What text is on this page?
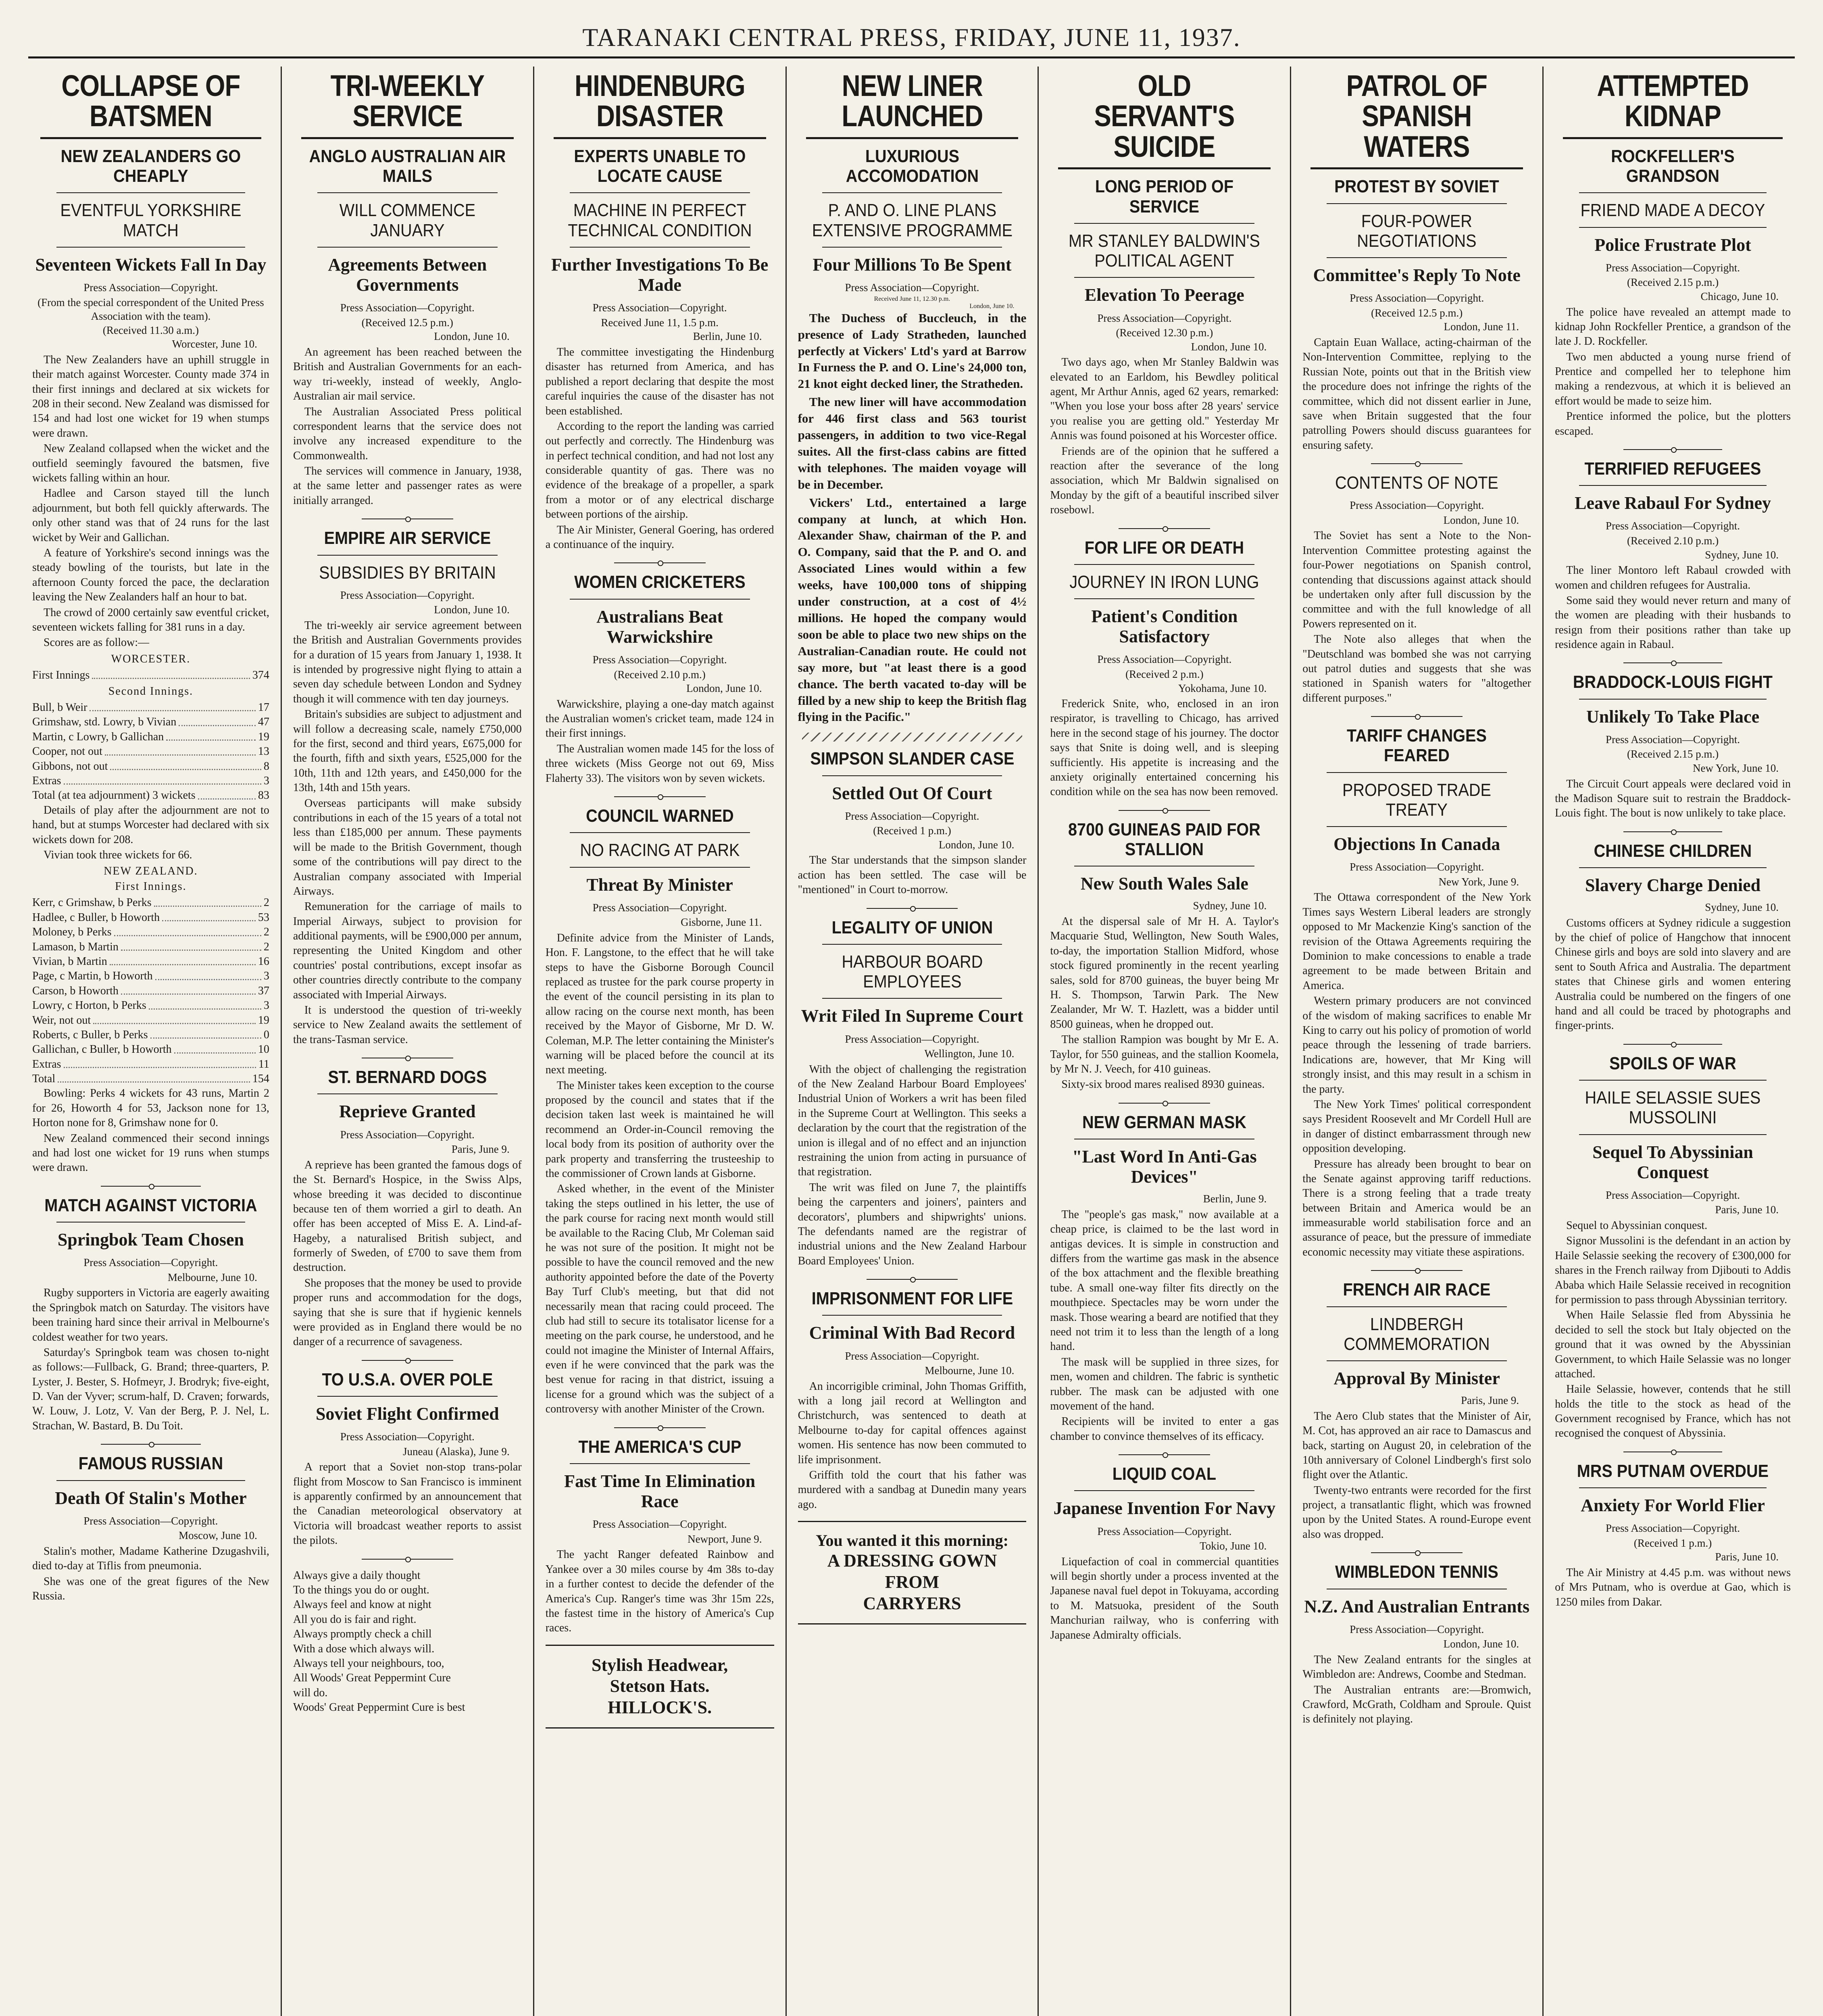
TARANAKI CENTRAL PRESS, FRIDAY, JUNE 11, 1937.
COLLAPSE OF BATSMEN
NEW ZEALANDERS GO CHEAPLY
EVENTFUL YORKSHIRE MATCH
Seventeen Wickets Fall In Day
Press Association—Copyright.
(From the special correspondent of the United Press Association with the team).
(Received 11.30 a.m.)
Worcester, June 10.

The New Zealanders have an uphill struggle in their match against Worcester. County made 374 in their first innings and declared at six wickets for 208 in their second. New Zealand was dismissed for 154 and had lost one wicket for 19 when stumps were drawn.

New Zealand collapsed when the wicket and the outfield seemingly favoured the batsmen, five wickets falling within an hour.

Hadlee and Carson stayed till the lunch adjournment, but both fell quickly afterwards. The only other stand was that of 24 runs for the last wicket by Weir and Gallichan.

A feature of Yorkshire's second innings was the steady bowling of the tourists, but late in the afternoon County forced the pace, the declaration leaving the New Zealanders half an hour to bat.

The crowd of 2000 certainly saw eventful cricket, seventeen wickets falling for 381 runs in a day.

Scores are as follow:—

WORCESTER.
First Innings	374
Second Innings.
Bull, b Weir	17
Grimshaw, std. Lowry, b Vivian	47
Martin, c Lowry, b Gallichan	19
Cooper, not out	13
Gibbons, not out	8
Extras	3
Total (at tea adjournment) 3 wickets	83

Details of play after the adjournment are not to hand, but at stumps Worcester had declared with six wickets down for 208.

Vivian took three wickets for 66.

NEW ZEALAND.
First Innings.
Kerr, c Grimshaw, b Perks	2
Hadlee, c Buller, b Howorth	53
Moloney, b Perks	2
Lamason, b Martin	2
Vivian, b Martin	16
Page, c Martin, b Howorth	3
Carson, b Howorth	37
Lowry, c Horton, b Perks	3
Weir, not out	19
Roberts, c Buller, b Perks	0
Gallichan, c Buller, b Howorth	10
Extras	11
Total	154

Bowling: Perks 4 wickets for 43 runs, Martin 2 for 26, Howorth 4 for 53, Jackson none for 13, Horton none for 8, Grimshaw none for 0.

New Zealand commenced their second innings and had lost one wicket for 19 runs when stumps were drawn.

MATCH AGAINST VICTORIA
Springbok Team Chosen
Press Association—Copyright.
Melbourne, June 10.

Rugby supporters in Victoria are eagerly awaiting the Springbok match on Saturday. The visitors have been training hard since their arrival in Melbourne's coldest weather for two years.

Saturday's Springbok team was chosen to-night as follows:—Fullback, G. Brand; three-quarters, P. Lyster, J. Bester, S. Hofmeyr, J. Brodryk; five-eight, D. Van der Vyver; scrum-half, D. Craven; forwards, W. Louw, J. Lotz, V. Van der Berg, P. J. Nel, L. Strachan, W. Bastard, B. Du Toit.

FAMOUS RUSSIAN
Death Of Stalin's Mother
Press Association—Copyright.
Moscow, June 10.

Stalin's mother, Madame Katherine Dzugashvili, died to-day at Tiflis from pneumonia.

She was one of the great figures of the New Russia.

TRI-WEEKLY SERVICE
ANGLO AUSTRALIAN AIR MAILS
WILL COMMENCE JANUARY
Agreements Between Governments
Press Association—Copyright.
(Received 12.5 p.m.)
London, June 10.

An agreement has been reached between the British and Australian Governments for an each-way tri-weekly, instead of weekly, Anglo-Australian air mail service.

The Australian Associated Press political correspondent learns that the service does not involve any increased expenditure to the Commonwealth.

The services will commence in January, 1938, at the same letter and passenger rates as were initially arranged.

EMPIRE AIR SERVICE
SUBSIDIES BY BRITAIN
Press Association—Copyright.
London, June 10.

The tri-weekly air service agreement between the British and Australian Governments provides for a duration of 15 years from January 1, 1938. It is intended by progressive night flying to attain a seven day schedule between London and Sydney though it will commence with ten day journeys.

Britain's subsidies are subject to adjustment and will follow a decreasing scale, namely £750,000 for the first, second and third years, £675,000 for the fourth, fifth and sixth years, £525,000 for the 10th, 11th and 12th years, and £450,000 for the 13th, 14th and 15th years.

Overseas participants will make subsidy contributions in each of the 15 years of a total not less than £185,000 per annum. These payments will be made to the British Government, though some of the contributions will pay direct to the Australian company associated with Imperial Airways.

Remuneration for the carriage of mails to Imperial Airways, subject to provision for additional payments, will be £900,000 per annum, representing the United Kingdom and other countries' postal contributions, except insofar as other countries directly contribute to the company associated with Imperial Airways.

It is understood the question of tri-weekly service to New Zealand awaits the settlement of the trans-Tasman service.

ST. BERNARD DOGS
Reprieve Granted
Press Association—Copyright.
Paris, June 9.

A reprieve has been granted the famous dogs of the St. Bernard's Hospice, in the Swiss Alps, whose breeding it was decided to discontinue because ten of them worried a girl to death. An offer has been accepted of Miss E. A. Lind-af-Hageby, a naturalised British subject, and formerly of Sweden, of £700 to save them from destruction.

She proposes that the money be used to provide proper runs and accommodation for the dogs, saying that she is sure that if hygienic kennels were provided as in England there would be no danger of a recurrence of savageness.

TO U.S.A. OVER POLE
Soviet Flight Confirmed
Press Association—Copyright.
Juneau (Alaska), June 9.

A report that a Soviet non-stop trans-polar flight from Moscow to San Francisco is imminent is apparently confirmed by an announcement that the Canadian meteorological observatory at Victoria will broadcast weather reports to assist the pilots.

Always give a daily thought
To the things you do or ought.
Always feel and know at night
All you do is fair and right.
Always promptly check a chill
With a dose which always will.
Always tell your neighbours, too,
All Woods' Great Peppermint Cure
will do.
Woods' Great Peppermint Cure is best
HINDENBURG DISASTER
EXPERTS UNABLE TO LOCATE CAUSE
MACHINE IN PERFECT TECHNICAL CONDITION
Further Investigations To Be Made
Press Association—Copyright.
Received June 11, 1.5 p.m.
Berlin, June 10.

The committee investigating the Hindenburg disaster has returned from America, and has published a report declaring that despite the most careful inquiries the cause of the disaster has not been established.

According to the report the landing was carried out perfectly and correctly. The Hindenburg was in perfect technical condition, and had not lost any considerable quantity of gas. There was no evidence of the breakage of a propeller, a spark from a motor or of any electrical discharge between portions of the airship.

The Air Minister, General Goering, has ordered a continuance of the inquiry.

WOMEN CRICKETERS
Australians Beat Warwickshire
Press Association—Copyright.
(Received 2.10 p.m.)
London, June 10.

Warwickshire, playing a one-day match against the Australian women's cricket team, made 124 in their first innings.

The Australian women made 145 for the loss of three wickets (Miss George not out 69, Miss Flaherty 33). The visitors won by seven wickets.

COUNCIL WARNED
NO RACING AT PARK
Threat By Minister
Press Association—Copyright.
Gisborne, June 11.

Definite advice from the Minister of Lands, Hon. F. Langstone, to the effect that he will take steps to have the Gisborne Borough Council replaced as trustee for the park course property in the event of the council persisting in its plan to allow racing on the course next month, has been received by the Mayor of Gisborne, Mr D. W. Coleman, M.P. The letter containing the Minister's warning will be placed before the council at its next meeting.

The Minister takes keen exception to the course proposed by the council and states that if the decision taken last week is maintained he will recommend an Order-in-Council removing the local body from its position of authority over the park property and transferring the trusteeship to the commissioner of Crown lands at Gisborne.

Asked whether, in the event of the Minister taking the steps outlined in his letter, the use of the park course for racing next month would still be available to the Racing Club, Mr Coleman said he was not sure of the position. It might not be possible to have the council removed and the new authority appointed before the date of the Poverty Bay Turf Club's meeting, but that did not necessarily mean that racing could proceed. The club had still to secure its totalisator license for a meeting on the park course, he understood, and he could not imagine the Minister of Internal Affairs, even if he were convinced that the park was the best venue for racing in that district, issuing a license for a ground which was the subject of a controversy with another Minister of the Crown.

THE AMERICA'S CUP
Fast Time In Elimination Race
Press Association—Copyright.
Newport, June 9.

The yacht Ranger defeated Rainbow and Yankee over a 30 miles course by 4m 38s to-day in a further contest to decide the defender of the America's Cup. Ranger's time was 3hr 15m 22s, the fastest time in the history of America's Cup races.

Stylish Headwear,
Stetson Hats.
HILLOCK'S.
NEW LINER LAUNCHED
LUXURIOUS ACCOMODATION
P. AND O. LINE PLANS EXTENSIVE PROGRAMME
Four Millions To Be Spent
Press Association—Copyright.
Received June 11, 12.30 p.m.
London, June 10.

The Duchess of Buccleuch, in the presence of Lady Stratheden, launched perfectly at Vickers' Ltd's yard at Barrow In Furness the P. and O. Line's 24,000 ton, 21 knot eight decked liner, the Stratheden.

The new liner will have accommodation for 446 first class and 563 tourist passengers, in addition to two vice-Regal suites. All the first-class cabins are fitted with telephones. The maiden voyage will be in December.

Vickers' Ltd., entertained a large company at lunch, at which Hon. Alexander Shaw, chairman of the P. and O. Company, said that the P. and O. and Associated Lines would within a few weeks, have 100,000 tons of shipping under construction, at a cost of 4½ millions. He hoped the company would soon be able to place two new ships on the Australian-Canadian route. He could not say more, but "at least there is a good chance. The berth vacated to-day will be filled by a new ship to keep the British flag flying in the Pacific."

SIMPSON SLANDER CASE
Settled Out Of Court
Press Association—Copyright.
(Received 1 p.m.)
London, June 10.

The Star understands that the simpson slander action has been settled. The case will be "mentioned" in Court to-morrow.

LEGALITY OF UNION
HARBOUR BOARD EMPLOYEES
Writ Filed In Supreme Court
Press Association—Copyright.
Wellington, June 10.

With the object of challenging the registration of the New Zealand Harbour Board Employees' Industrial Union of Workers a writ has been filed in the Supreme Court at Wellington. This seeks a declaration by the court that the registration of the union is illegal and of no effect and an injunction restraining the union from acting in pursuance of that registration.

The writ was filed on June 7, the plaintiffs being the carpenters and joiners', painters and decorators', plumbers and shipwrights' unions. The defendants named are the registrar of industrial unions and the New Zealand Harbour Board Employees' Union.

IMPRISONMENT FOR LIFE
Criminal With Bad Record
Press Association—Copyright.
Melbourne, June 10.

An incorrigible criminal, John Thomas Griffith, with a long jail record at Wellington and Christchurch, was sentenced to death at Melbourne to-day for capital offences against women. His sentence has now been commuted to life imprisonment.

Griffith told the court that his father was murdered with a sandbag at Dunedin many years ago.

You wanted it this morning:
A DRESSING GOWN
FROM
CARRYERS
OLD SERVANT'S SUICIDE
LONG PERIOD OF SERVICE
MR STANLEY BALDWIN'S POLITICAL AGENT
Elevation To Peerage
Press Association—Copyright.
(Received 12.30 p.m.)
London, June 10.

Two days ago, when Mr Stanley Baldwin was elevated to an Earldom, his Bewdley political agent, Mr Arthur Annis, aged 62 years, remarked: "When you lose your boss after 28 years' service you realise you are getting old." Yesterday Mr Annis was found poisoned at his Worcester office.

Friends are of the opinion that he suffered a reaction after the severance of the long association, which Mr Baldwin signalised on Monday by the gift of a beautiful inscribed silver rosebowl.

FOR LIFE OR DEATH
JOURNEY IN IRON LUNG
Patient's Condition Satisfactory
Press Association—Copyright.
(Received 2 p.m.)
Yokohama, June 10.

Frederick Snite, who, enclosed in an iron respirator, is travelling to Chicago, has arrived here in the second stage of his journey. The doctor says that Snite is doing well, and is sleeping sufficiently. His appetite is increasing and the anxiety originally entertained concerning his condition while on the sea has now been removed.

8700 GUINEAS PAID FOR STALLION
New South Wales Sale
Sydney, June 10.

At the dispersal sale of Mr H. A. Taylor's Macquarie Stud, Wellington, New South Wales, to-day, the importation Stallion Midford, whose stock figured prominently in the recent yearling sales, sold for 8700 guineas, the buyer being Mr H. S. Thompson, Tarwin Park. The New Zealander, Mr W. T. Hazlett, was a bidder until 8500 guineas, when he dropped out.

The stallion Rampion was bought by Mr E. A. Taylor, for 550 guineas, and the stallion Koomela, by Mr N. J. Veech, for 410 guineas.

Sixty-six brood mares realised 8930 guineas.

NEW GERMAN MASK
"Last Word In Anti-Gas Devices"
Berlin, June 9.

The "people's gas mask," now available at a cheap price, is claimed to be the last word in antigas devices. It is simple in construction and differs from the wartime gas mask in the absence of the box attachment and the flexible breathing tube. A small one-way filter fits directly on the mouthpiece. Spectacles may be worn under the mask. Those wearing a beard are notified that they need not trim it to less than the length of a long hand.

The mask will be supplied in three sizes, for men, women and children. The fabric is synthetic rubber. The mask can be adjusted with one movement of the hand.

Recipients will be invited to enter a gas chamber to convince themselves of its efficacy.

LIQUID COAL
Japanese Invention For Navy
Press Association—Copyright.
Tokio, June 10.

Liquefaction of coal in commercial quantities will begin shortly under a process invented at the Japanese naval fuel depot in Tokuyama, according to M. Matsuoka, president of the South Manchurian railway, who is conferring with Japanese Admiralty officials.

PATROL OF SPANISH WATERS
PROTEST BY SOVIET
FOUR-POWER NEGOTIATIONS
Committee's Reply To Note
Press Association—Copyright.
(Received 12.5 p.m.)
London, June 11.

Captain Euan Wallace, acting-chairman of the Non-Intervention Committee, replying to the Russian Note, points out that in the British view the procedure does not infringe the rights of the committee, which did not dissent earlier in June, save when Britain suggested that the four patrolling Powers should discuss guarantees for ensuring safety.

CONTENTS OF NOTE
Press Association—Copyright.
London, June 10.

The Soviet has sent a Note to the Non-Intervention Committee protesting against the four-Power negotiations on Spanish control, contending that discussions against attack should be undertaken only after full discussion by the committee and with the full knowledge of all Powers represented on it.

The Note also alleges that when the "Deutschland was bombed she was not carrying out patrol duties and suggests that she was stationed in Spanish waters for "altogether different purposes."

TARIFF CHANGES FEARED
PROPOSED TRADE TREATY
Objections In Canada
Press Association—Copyright.
New York, June 9.

The Ottawa correspondent of the New York Times says Western Liberal leaders are strongly opposed to Mr Mackenzie King's sanction of the revision of the Ottawa Agreements requiring the Dominion to make concessions to enable a trade agreement to be made between Britain and America.

Western primary producers are not convinced of the wisdom of making sacrifices to enable Mr King to carry out his policy of promotion of world peace through the lessening of trade barriers. Indications are, however, that Mr King will strongly insist, and this may result in a schism in the party.

The New York Times' political correspondent says President Roosevelt and Mr Cordell Hull are in danger of distinct embarrassment through new opposition developing.

Pressure has already been brought to bear on the Senate against approving tariff reductions. There is a strong feeling that a trade treaty between Britain and America would be an immeasurable world stabilisation force and an assurance of peace, but the pressure of immediate economic necessity may vitiate these aspirations.

FRENCH AIR RACE
LINDBERGH COMMEMORATION
Approval By Minister
Paris, June 9.

The Aero Club states that the Minister of Air, M. Cot, has approved an air race to Damascus and back, starting on August 20, in celebration of the 10th anniversary of Colonel Lindbergh's first solo flight over the Atlantic.

Twenty-two entrants were recorded for the first project, a transatlantic flight, which was frowned upon by the United States. A round-Europe event also was dropped.

WIMBLEDON TENNIS
N.Z. And Australian Entrants
Press Association—Copyright.
London, June 10.

The New Zealand entrants for the singles at Wimbledon are: Andrews, Coombe and Stedman.

The Australian entrants are:—Bromwich, Crawford, McGrath, Coldham and Sproule. Quist is definitely not playing.

ATTEMPTED KIDNAP
ROCKFELLER'S GRANDSON
FRIEND MADE A DECOY
Police Frustrate Plot
Press Association—Copyright.
(Received 2.15 p.m.)
Chicago, June 10.

The police have revealed an attempt made to kidnap John Rockfeller Prentice, a grandson of the late J. D. Rockfeller.

Two men abducted a young nurse friend of Prentice and compelled her to telephone him making a rendezvous, at which it is believed an effort would be made to seize him.

Prentice informed the police, but the plotters escaped.

TERRIFIED REFUGEES
Leave Rabaul For Sydney
Press Association—Copyright.
(Received 2.10 p.m.)
Sydney, June 10.

The liner Montoro left Rabaul crowded with women and children refugees for Australia.

Some said they would never return and many of the women are pleading with their husbands to resign from their positions rather than take up residence again in Rabaul.

BRADDOCK-LOUIS FIGHT
Unlikely To Take Place
Press Association—Copyright.
(Received 2.15 p.m.)
New York, June 10.

The Circuit Court appeals were declared void in the Madison Square suit to restrain the Braddock-Louis fight. The bout is now unlikely to take place.

CHINESE CHILDREN
Slavery Charge Denied
Sydney, June 10.

Customs officers at Sydney ridicule a suggestion by the chief of police of Hangchow that innocent Chinese girls and boys are sold into slavery and are sent to South Africa and Australia. The department states that Chinese girls and women entering Australia could be numbered on the fingers of one hand and all could be traced by photographs and finger-prints.

SPOILS OF WAR
HAILE SELASSIE SUES MUSSOLINI
Sequel To Abyssinian Conquest
Press Association—Copyright.
Paris, June 10.

Sequel to Abyssinian conquest.

Signor Mussolini is the defendant in an action by Haile Selassie seeking the recovery of £300,000 for shares in the French railway from Djibouti to Addis Ababa which Haile Selassie received in recognition for permission to pass through Abyssinian territory.

When Haile Selassie fled from Abyssinia he decided to sell the stock but Italy objected on the ground that it was owned by the Abyssinian Government, to which Haile Selassie was no longer attached.

Haile Selassie, however, contends that he still holds the title to the stock as head of the Government recognised by France, which has not recognised the conquest of Abyssinia.

MRS PUTNAM OVERDUE
Anxiety For World Flier
Press Association—Copyright.
(Received 1 p.m.)
Paris, June 10.

The Air Ministry at 4.45 p.m. was without news of Mrs Putnam, who is overdue at Gao, which is 1250 miles from Dakar.
